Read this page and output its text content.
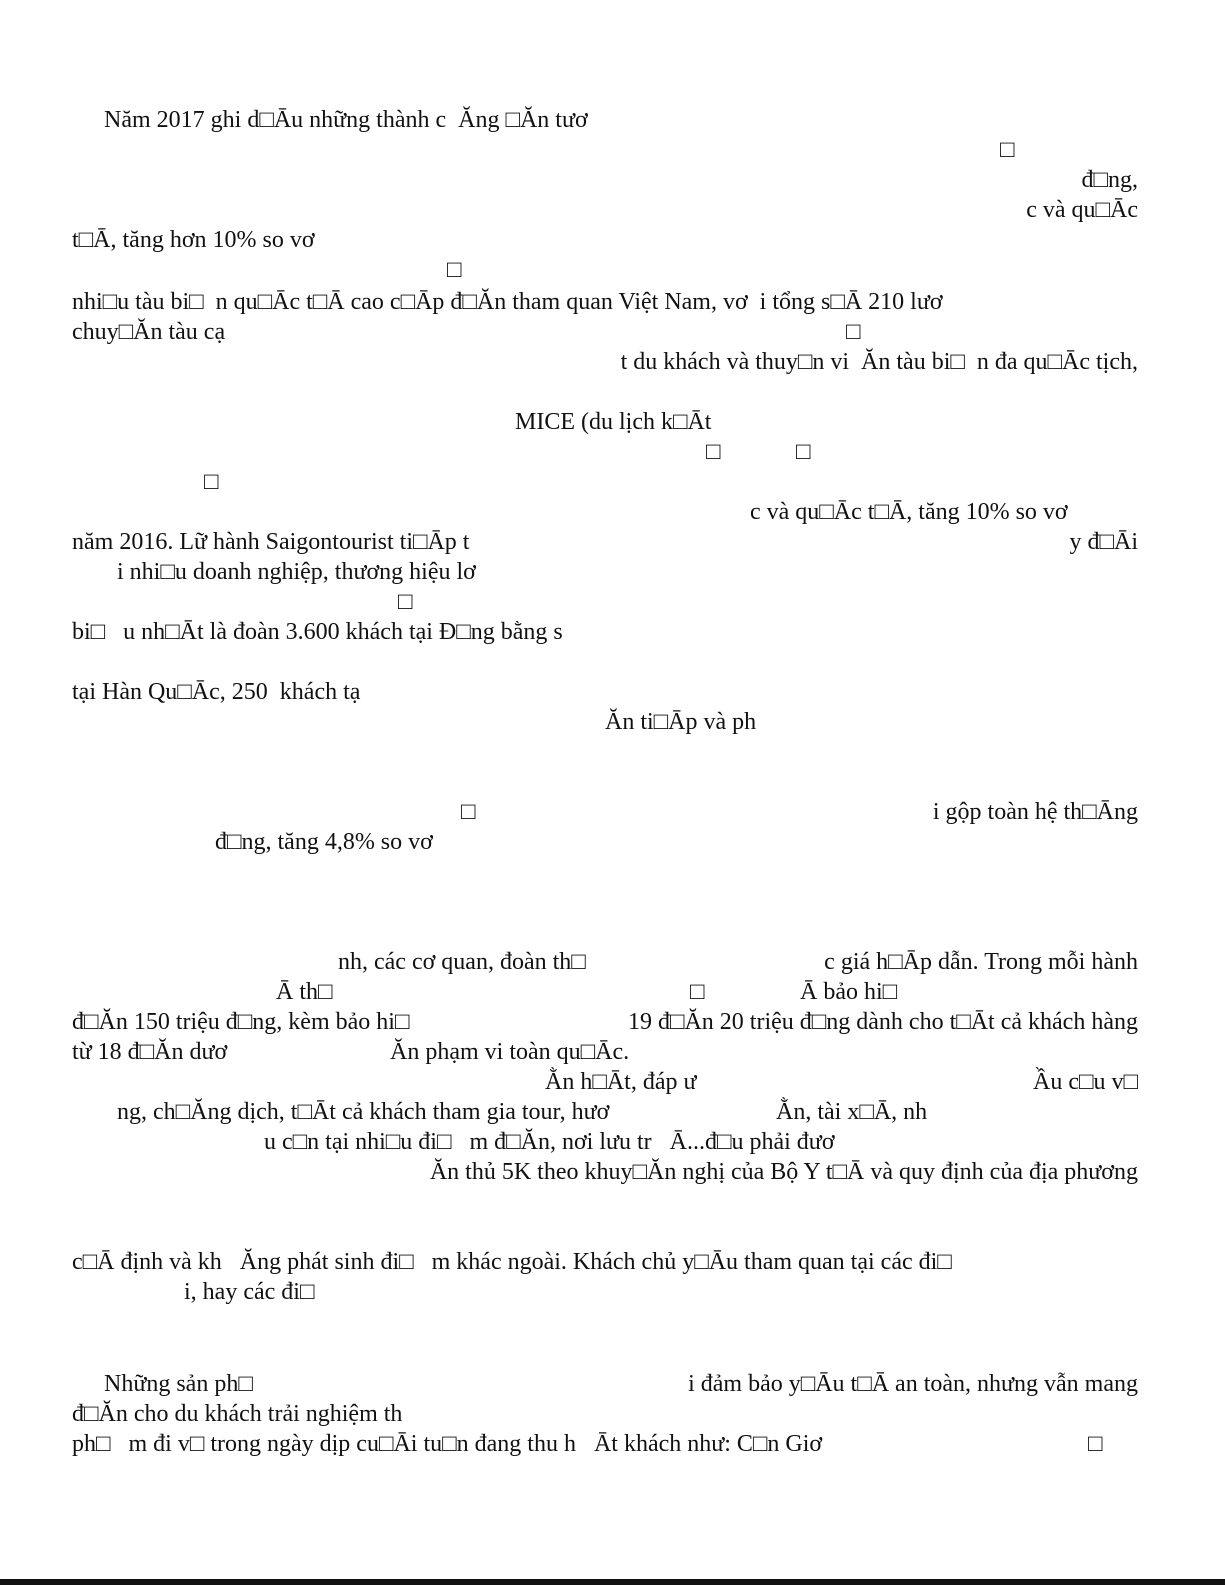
Năm 2017 ghi d□Āu những thành c  Ăng □Ăn tươ
□
đ□ng,
c và qu□Āc
t□Ā, tăng hơn 10% so vơ
□
nhi□u tàu bi□  n qu□Āc t□Ā cao c□Āp đ□Ăn tham quan Việt Nam, vơ  i tổng s□Ā 210 lươ
chuy□Ăn tàu cạ	□
t du khách và thuy□n vi  Ăn tàu bi□  n đa qu□Āc tịch,
MICE (du lịch k□Āt
□	□
□
c và qu□Āc t□Ā, tăng 10% so vơ
năm 2016. Lữ hành Saigontourist ti□Āp t	y đ□Āi
i nhi□u doanh nghiệp, thương hiệu lơ
□
bi□   u nh□Āt là đoàn 3.600 khách tại Đ□ng bằng s
tại Hàn Qu□Āc, 250  khách tạ
Ăn ti□Āp và ph
□	i gộp toàn hệ th□Āng
đ□ng, tăng 4,8% so vơ
nh, các cơ quan, đoàn th□	c giá h□Āp dẫn. Trong mỗi hành
Ā th□	□	Ā bảo hi□
đ□Ăn 150 triệu đ□ng, kèm bảo hi□	19 đ□Ăn 20 triệu đ□ng dành cho t□Āt cả khách hàng
từ 18 đ□Ăn dươ	Ăn phạm vi toàn qu□Āc.
Ằn h□Āt, đáp ư	Ầu c□u v□
ng, ch□Ăng dịch, t□Āt cả khách tham gia tour, hươ	Ằn, tài x□Ā, nh
u c□n tại nhi□u đi□   m đ□Ăn, nơi lưu tr   Ā...đ□u phải đươ
Ăn thủ 5K theo khuy□Ăn nghị của Bộ Y t□Ā và quy định của địa phương
c□Ā định và kh   Ăng phát sinh đi□   m khác ngoài. Khách chủ y□Āu tham quan tại các đi□
i, hay các đi□
Những sản ph□	i đảm bảo y□Āu t□Ā an toàn, nhưng vẫn mang
đ□Ăn cho du khách trải nghiệm th
ph□   m đi v□ trong ngày dịp cu□Āi tu□n đang thu h   Āt khách như: C□n Giơ	□
